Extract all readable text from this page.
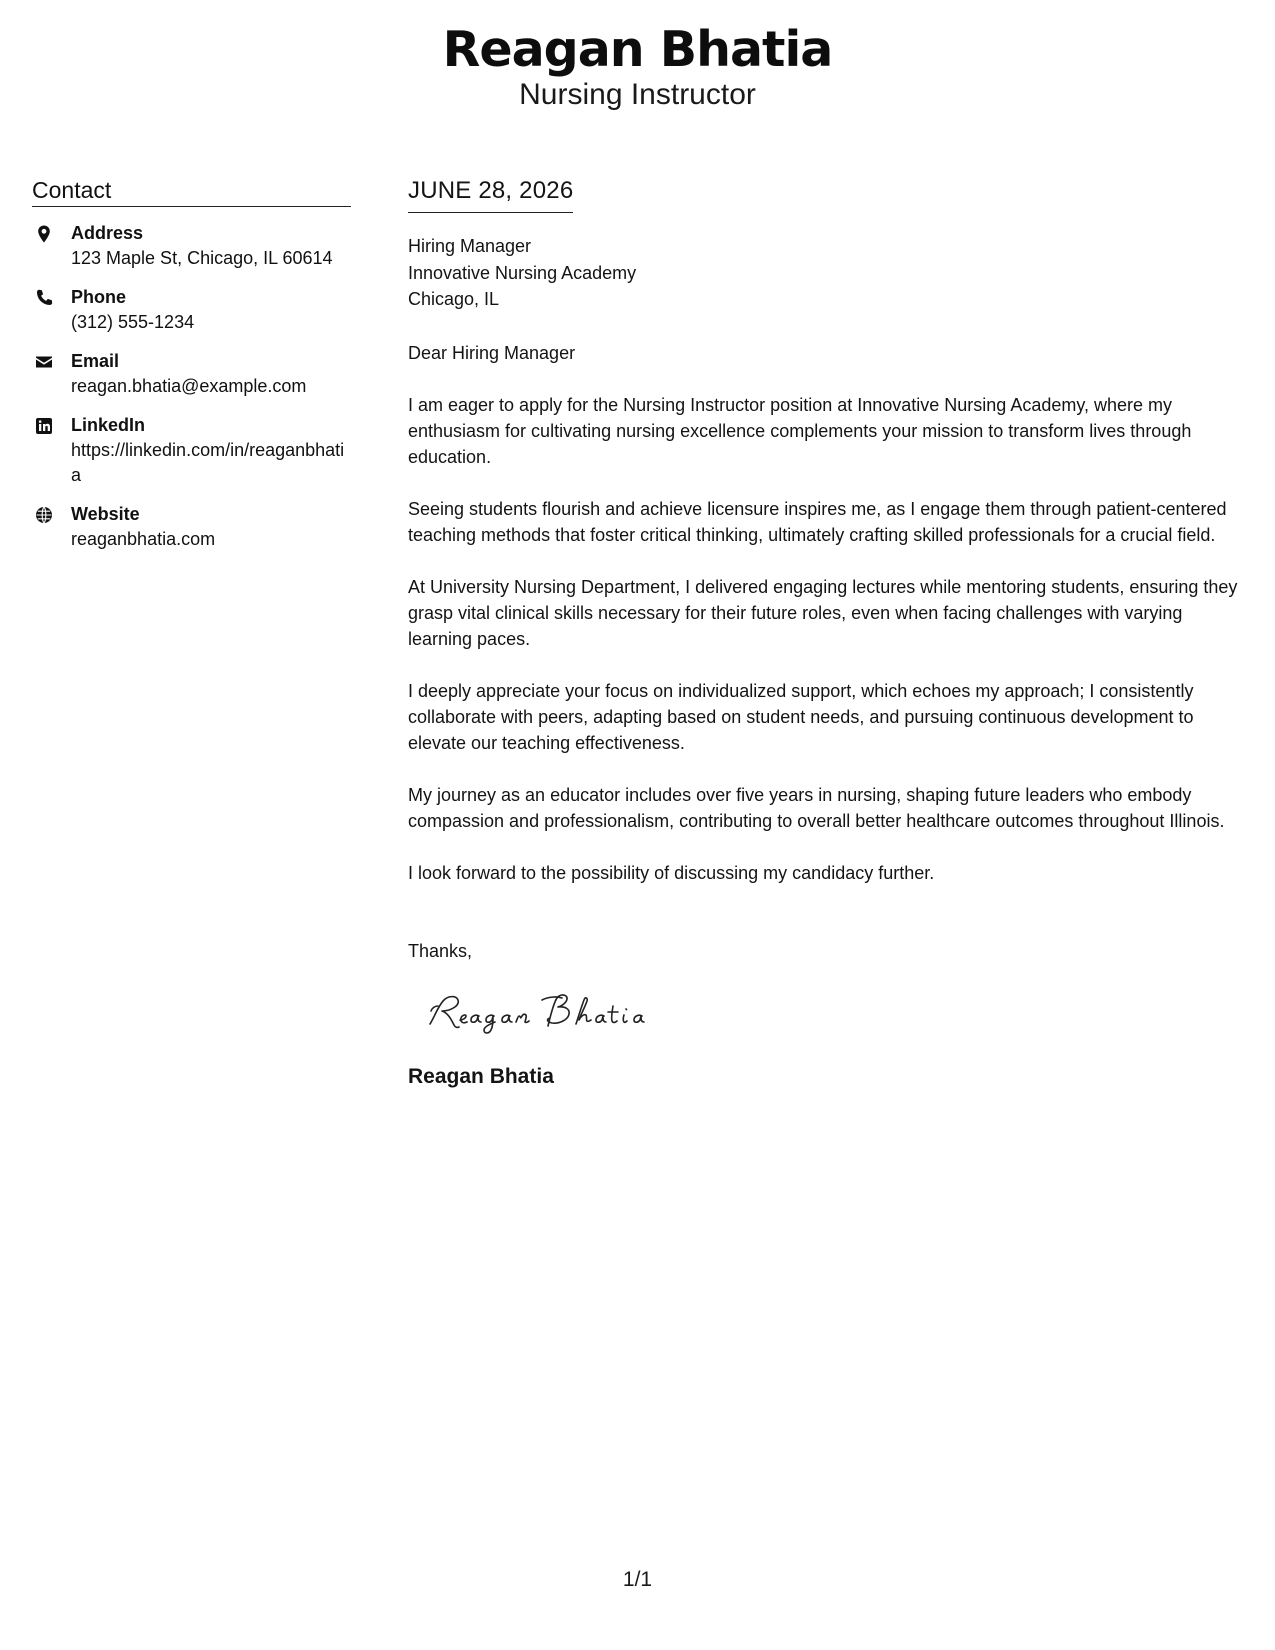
Reagan Bhatia
Nursing Instructor
Contact
Address
123 Maple St, Chicago, IL 60614
Phone
(312) 555-1234
Email
reagan.bhatia@example.com
LinkedIn
https://linkedin.com/in/reaganbhatia
Website
reaganbhatia.com
JUNE 28, 2026
Hiring Manager
Innovative Nursing Academy
Chicago, IL
Dear Hiring Manager
I am eager to apply for the Nursing Instructor position at Innovative Nursing Academy, where my enthusiasm for cultivating nursing excellence complements your mission to transform lives through education.
Seeing students flourish and achieve licensure inspires me, as I engage them through patient-centered teaching methods that foster critical thinking, ultimately crafting skilled professionals for a crucial field.
At University Nursing Department, I delivered engaging lectures while mentoring students, ensuring they grasp vital clinical skills necessary for their future roles, even when facing challenges with varying learning paces.
I deeply appreciate your focus on individualized support, which echoes my approach; I consistently collaborate with peers, adapting based on student needs, and pursuing continuous development to elevate our teaching effectiveness.
My journey as an educator includes over five years in nursing, shaping future leaders who embody compassion and professionalism, contributing to overall better healthcare outcomes throughout Illinois.
I look forward to the possibility of discussing my candidacy further.
Thanks,
Reagan Bhatia
1/1
